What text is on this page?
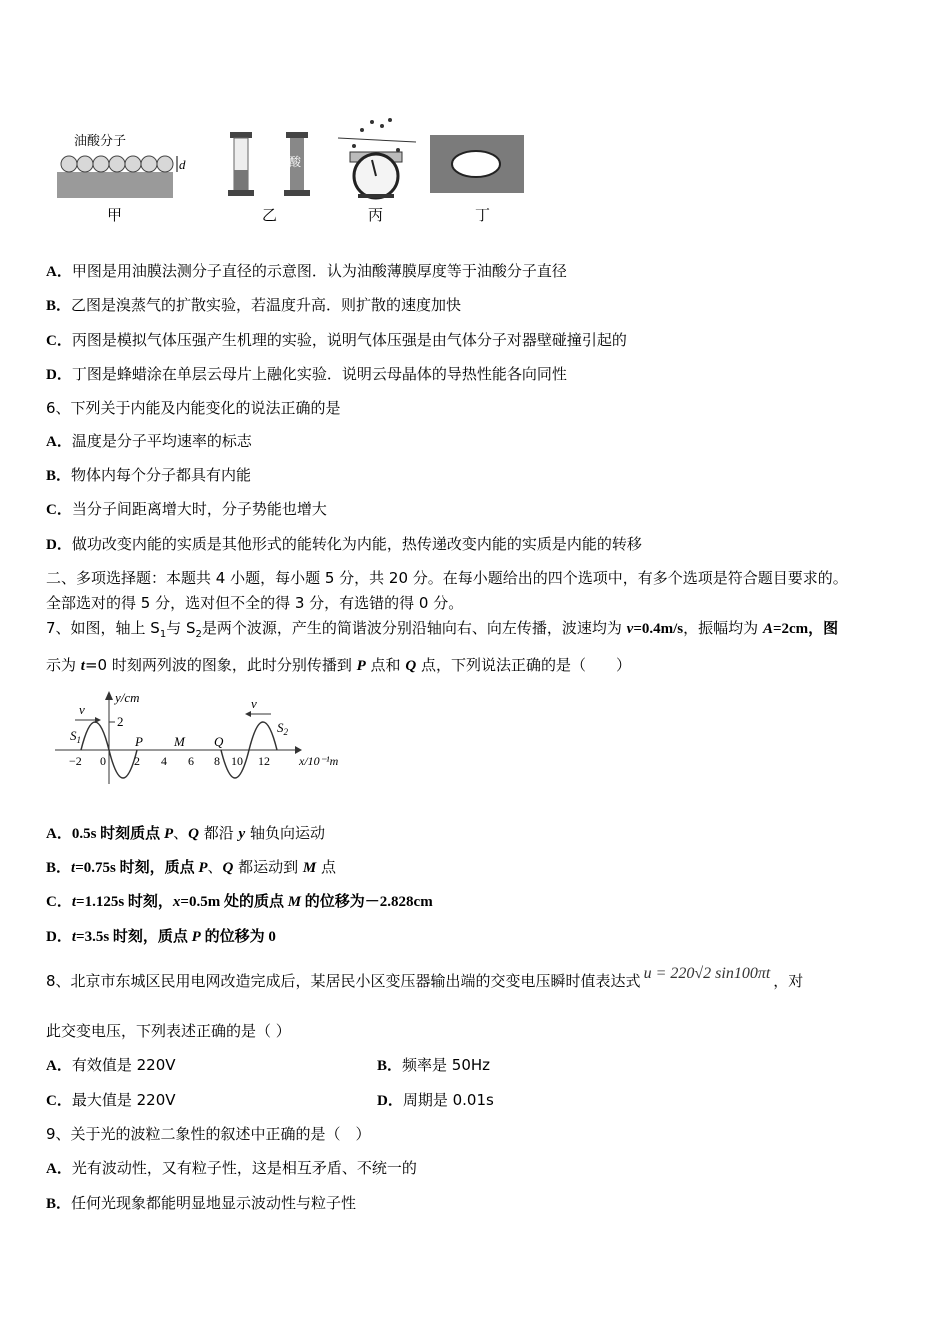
油酸分子
d
甲
酸
乙	丙	丁
A．甲图是用油膜法测分子直径的示意图．认为油酸薄膜厚度等于油酸分子直径
B．乙图是溴蒸气的扩散实验，若温度升高．则扩散的速度加快
C．丙图是模拟气体压强产生机理的实验，说明气体压强是由气体分子对器壁碰撞引起的
D．丁图是蜂蜡涂在单层云母片上融化实验．说明云母晶体的导热性能各向同性
6、下列关于内能及内能变化的说法正确的是
A．温度是分子平均速率的标志
B．物体内每个分子都具有内能
C．当分子间距离增大时，分子势能也增大
D．做功改变内能的实质是其他形式的能转化为内能，热传递改变内能的实质是内能的转移
二、多项选择题：本题共 4 小题，每小题 5 分，共 20 分。在每小题给出的四个选项中，有多个选项是符合题目要求的。
全部选对的得 5 分，选对但不全的得 3 分，有选错的得 0 分。
7、如图，轴上 $S_1$与 $S_2$是两个波源，产生的简谐波分别沿轴向右、向左传播，波速均为 v=0.4m/s，振幅均为 A=2cm，图
示为 t=0 时刻两列波的图象，此时分别传播到 P 点和 Q 点，下列说法正确的是（　　）
y/cm
2
$S_1$
$S_2$
v	v
P M Q
−2 0 2 4 6 8 10 12 x/10⁻¹m
A．0.5s 时刻质点 P、Q 都沿 y 轴负向运动
B．t=0.75s 时刻，质点 P、Q 都运动到 M 点
C．t=1.125s 时刻，x=0.5m 处的质点 M 的位移为－2.828cm
D．t=3.5s 时刻，质点 P 的位移为 0
8、北京市东城区民用电网改造完成后，某居民小区变压器输出端的交变电压瞬时值表达式 u = 220√2 sin100πt ，对
此交变电压，下列表述正确的是（ ）
A．有效值是 220V	B．频率是 50Hz
C．最大值是 220V	D．周期是 0.01s
9、关于光的波粒二象性的叙述中正确的是（　）
A．光有波动性，又有粒子性，这是相互矛盾、不统一的
B．任何光现象都能明显地显示波动性与粒子性
